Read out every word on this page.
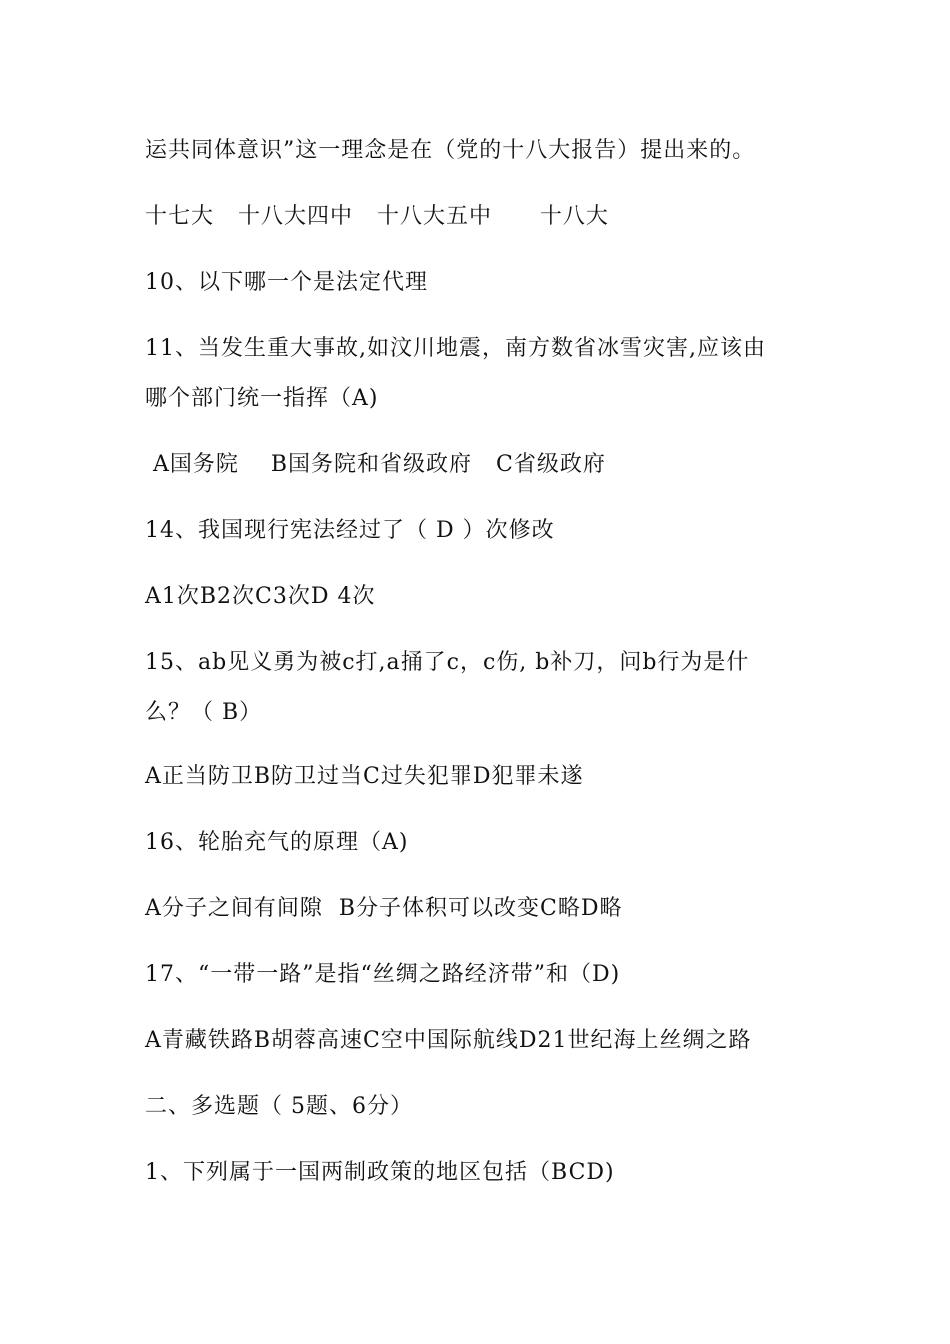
运共同体意识”这一理念是在（党的十八大报告）提出来的。
十七大   十八大四中   十八大五中      十八大
10、以下哪一个是法定代理
11、当发生重大事故,如汶川地震，南方数省冰雪灾害,应该由
哪个部门统一指挥（A)
A国务院    B国务院和省级政府   C省级政府
14、我国现行宪法经过了（ D ）次修改
A1次B2次C3次D 4次
15、ab见义勇为被c打,a捅了c，c伤, b补刀，问b行为是什
么？（ B）
A正当防卫B防卫过当C过失犯罪D犯罪未遂
16、轮胎充气的原理（A)
A分子之间有间隙  B分子体积可以改变C略D略
17、“一带一路”是指“丝绸之路经济带”和（D)
A青藏铁路B胡蓉高速C空中国际航线D21世纪海上丝绸之路
二、多选题（ 5题、6分）
1、下列属于一国两制政策的地区包括（BCD)
